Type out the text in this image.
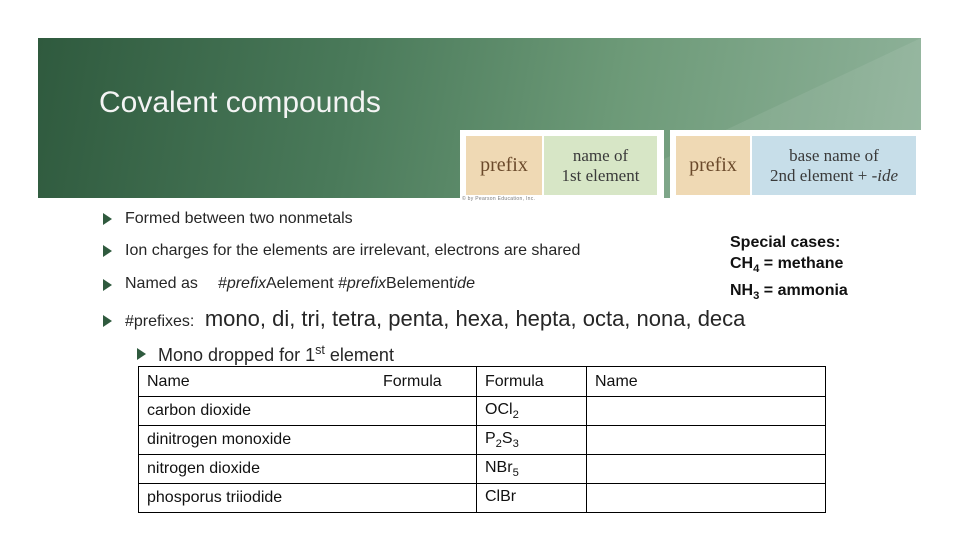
Covalent compounds
prefix	name of
1st element	prefix	base name of
2nd element + -ide
© by Pearson Education, Inc.
Formed between two nonmetals
Ion charges for the elements are irrelevant, electrons are shared
Named as #prefixAelement #prefixBelementide
#prefixes: mono, di, tri, tetra, penta, hexa, hepta, octa, nona, deca
Mono dropped for 1st element
Special cases:
$CH_4$ = methane
$NH_3$ = ammonia
Name	Formula	Formula	Name
carbon dioxide		OCl$_2$	
dinitrogen monoxide		$P_2S_3$	
nitrogen dioxide		NBr$_5$	
phosporus triiodide		ClBr	
